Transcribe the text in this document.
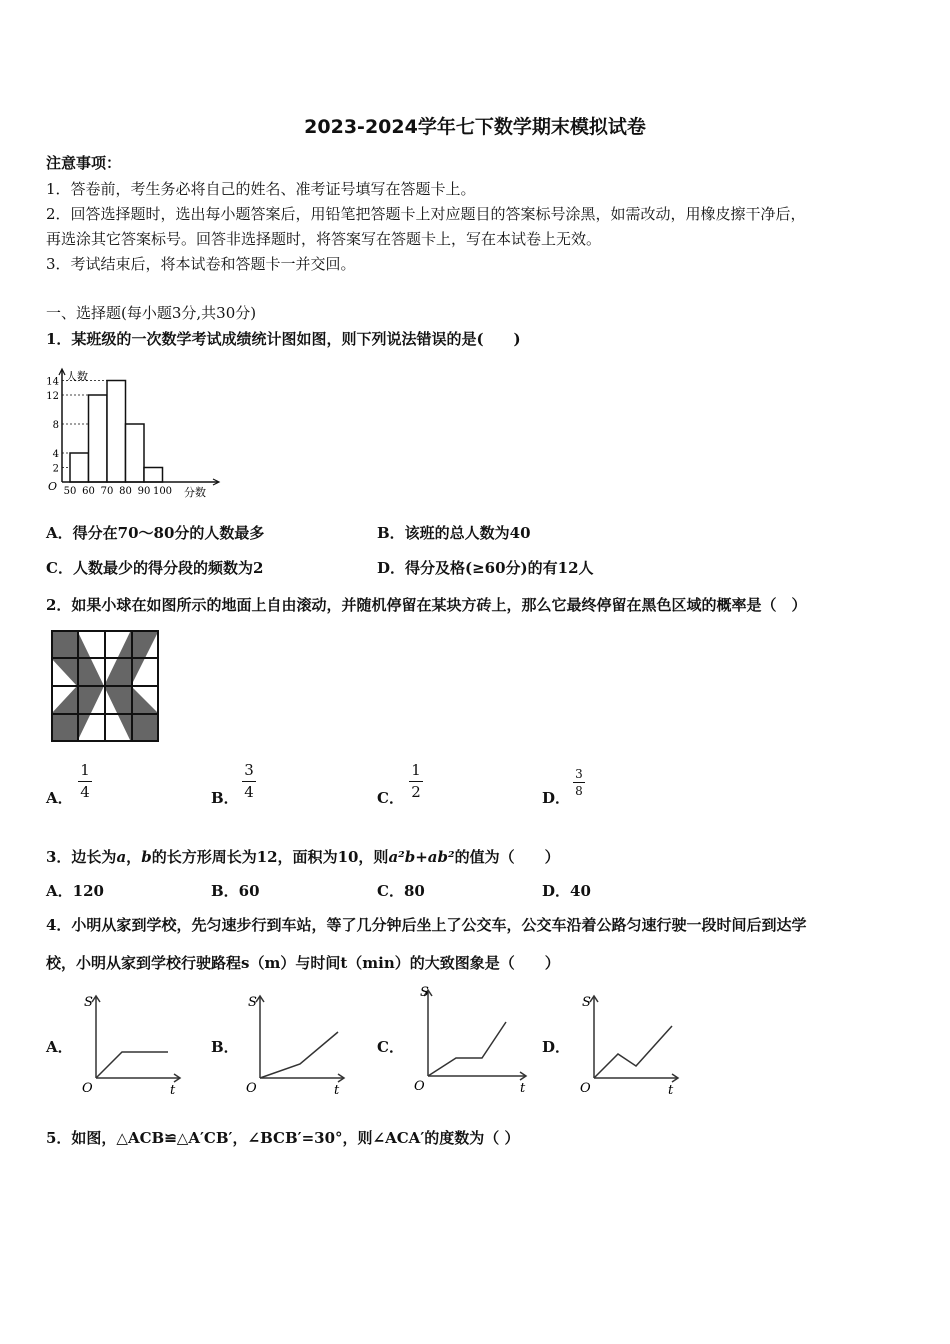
2023-2024学年七下数学期末模拟试卷
注意事项：
1．答卷前，考生务必将自己的姓名、准考证号填写在答题卡上。
2．回答选择题时，选出每小题答案后，用铅笔把答题卡上对应题目的答案标号涂黑，如需改动，用橡皮擦干净后，
再选涂其它答案标号。回答非选择题时，将答案写在答题卡上，写在本试卷上无效。
3．考试结束后，将本试卷和答题卡一并交回。
一、选择题(每小题3分,共30分)
1．某班级的一次数学考试成绩统计图如图，则下列说法错误的是(　　)
2
4
8
12
14
50 60 70 80 90 100
O
人数
分数
A．得分在70～80分的人数最多	B．该班的总人数为40
C．人数最少的得分段的频数为2	D．得分及格(≥60分)的有12人
2．如果小球在如图所示的地面上自由滚动，并随机停留在某块方砖上，那么它最终停留在黑色区域的概率是（　）
A．
1
4	B．
3
4	C．
1
2	D．
3
8
3．边长为a，b的长方形周长为12，面积为10，则a²b+ab²的值为（　　）
A．120	B．60	C．80	D．40
4．小明从家到学校，先匀速步行到车站，等了几分钟后坐上了公交车，公交车沿着公路匀速行驶一段时间后到达学
校，小明从家到学校行驶路程s（m）与时间t（min）的大致图象是（　　）
A．	B．	C．	D．
S
O	t
S
O	t
S
O	t
S
O	t
5．如图，△ACB≌△A′CB′，∠BCB′=30°，则∠ACA′的度数为（ ）
